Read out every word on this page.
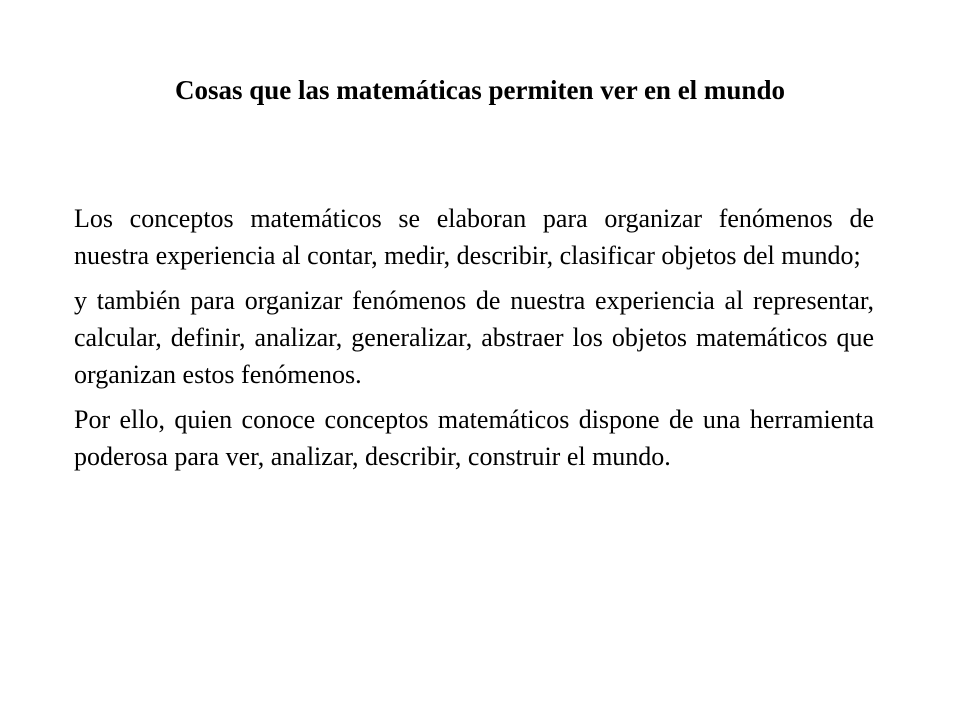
Cosas que las matemáticas permiten ver en el mundo

Los conceptos matemáticos se elaboran para organizar fenómenos de nuestra experiencia al contar, medir, describir, clasificar objetos del mundo;

y también para organizar fenómenos de nuestra experiencia al representar, calcular, definir, analizar, generalizar, abstraer los objetos matemáticos que organizan estos fenómenos.

Por ello, quien conoce conceptos matemáticos dispone de una herramienta poderosa para ver, analizar, describir, construir el mundo.
